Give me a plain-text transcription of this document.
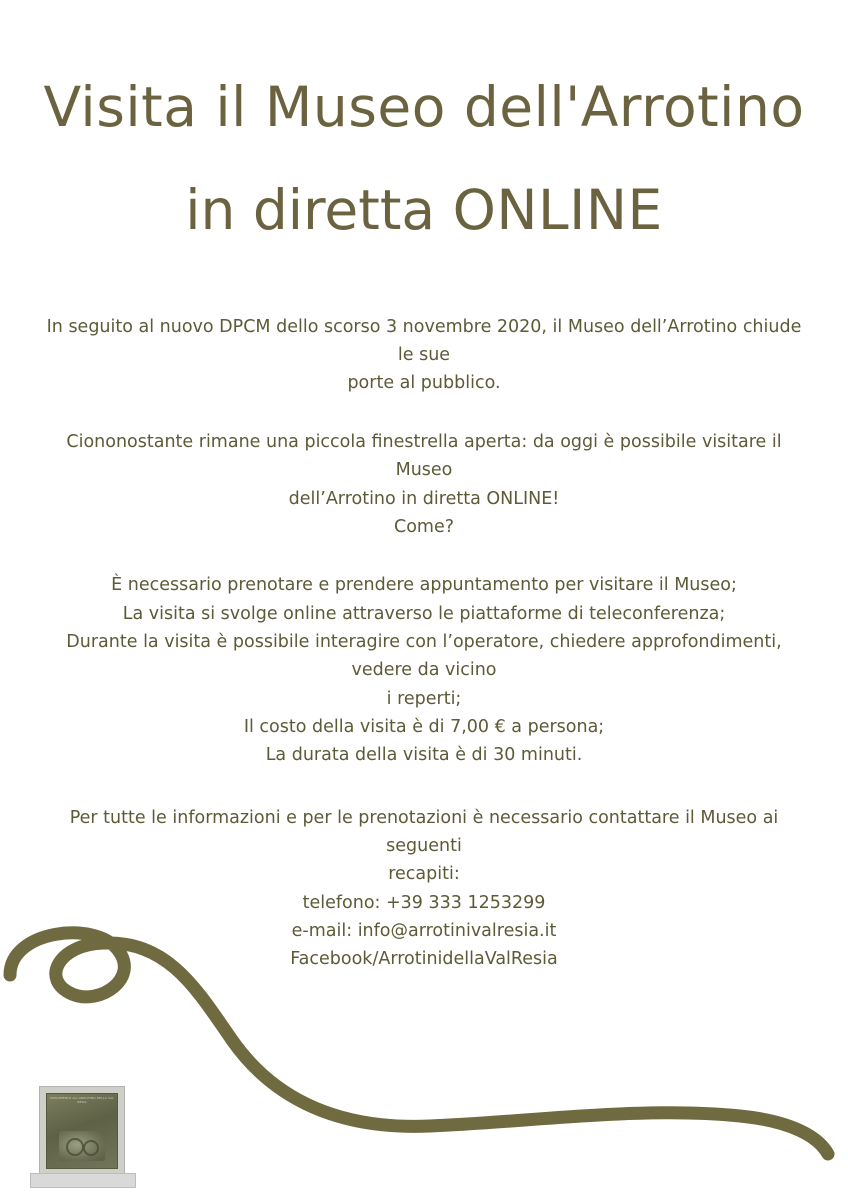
Visita il Museo dell'Arrotino
in diretta ONLINE

In seguito al nuovo DPCM dello scorso 3 novembre 2020, il Museo dell’Arrotino chiude le sue

porte al pubblico.

Ciononostante rimane una piccola finestrella aperta: da oggi è possibile visitare il Museo

dell’Arrotino in diretta ONLINE!

Come?

È necessario prenotare e prendere appuntamento per visitare il Museo;

La visita si svolge online attraverso le piattaforme di teleconferenza;

Durante la visita è possibile interagire con l’operatore, chiedere approfondimenti, vedere da vicino

i reperti;

Il costo della visita è di 7,00 € a persona;

La durata della visita è di 30 minuti.

Per tutte le informazioni e per le prenotazioni è necessario contattare il Museo ai seguenti

recapiti:

telefono: +39 333 1253299

e-mail: info@arrotinivalresia.it

Facebook/ArrotinidellaValResia

MONUMENTO ALL'ARROTINO DELLA VAL RESIA
